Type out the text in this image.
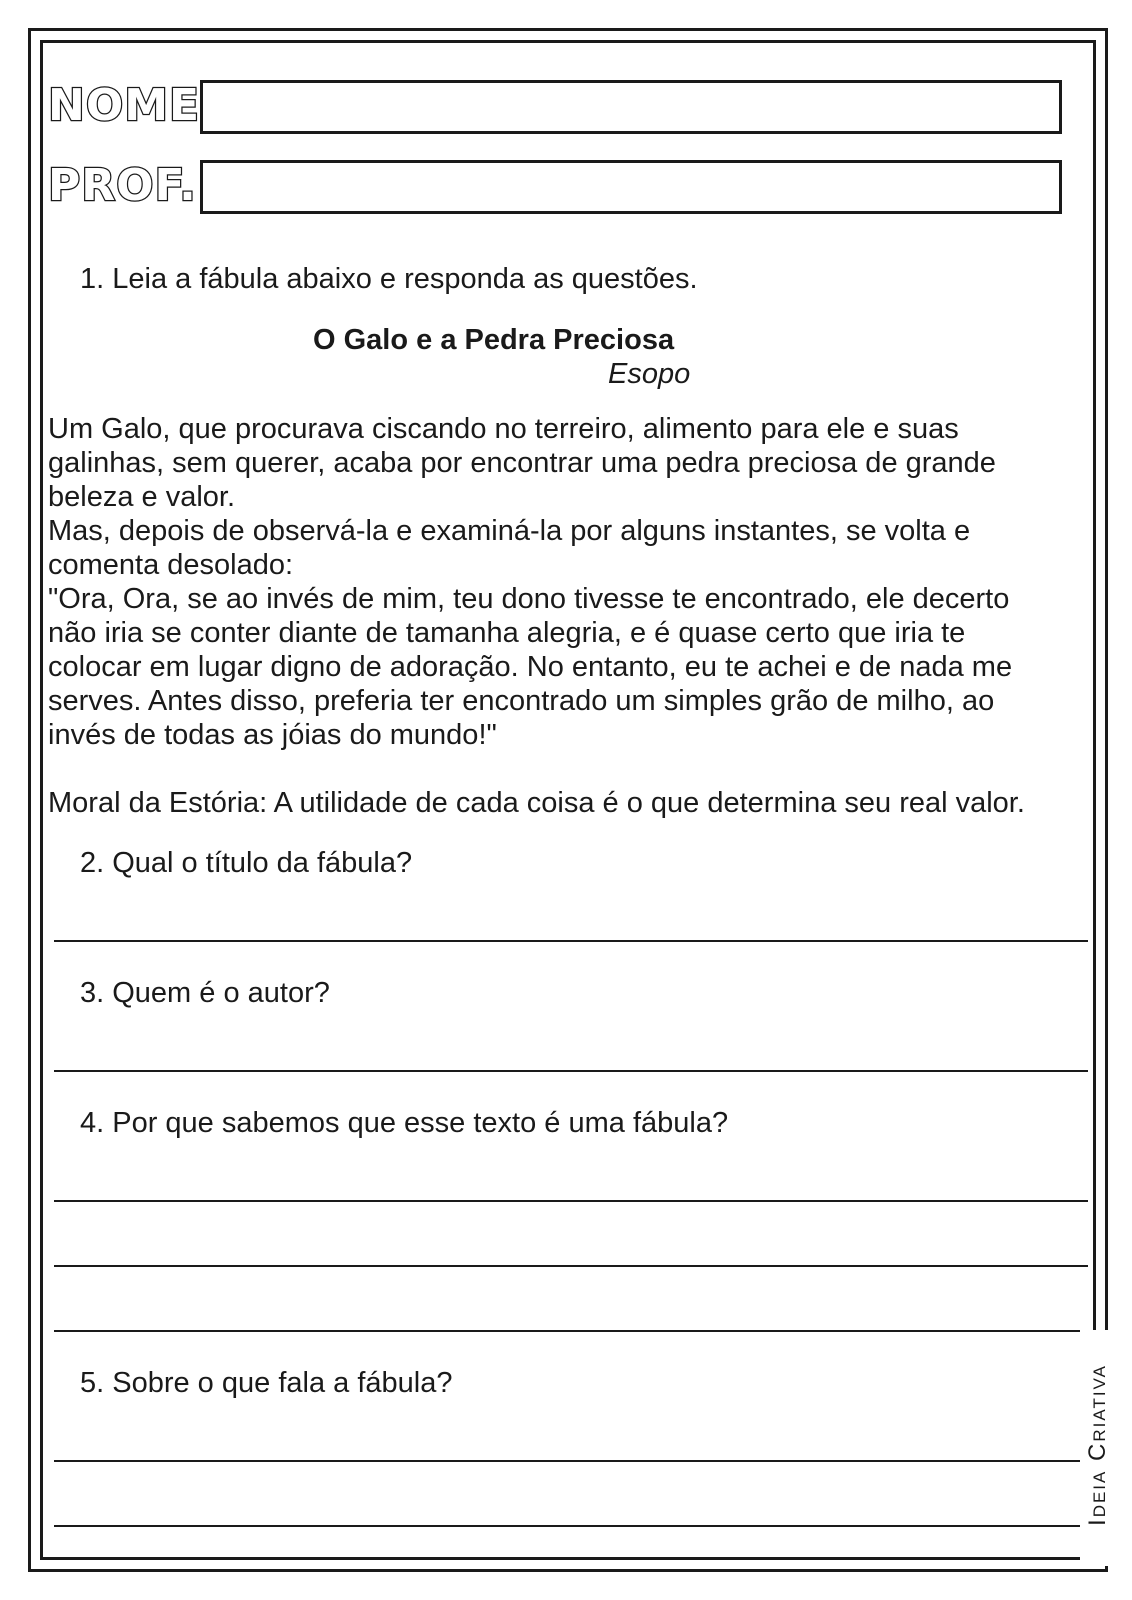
NOME
PROF.
1. Leia a fábula abaixo e responda as questões.
O Galo e a Pedra Preciosa
Esopo
Um Galo, que procurava ciscando no terreiro, alimento para ele e suas
galinhas, sem querer, acaba por encontrar uma pedra preciosa de grande
beleza e valor.
Mas, depois de observá-la e examiná-la por alguns instantes, se volta e
comenta desolado:
"Ora, Ora, se ao invés de mim, teu dono tivesse te encontrado, ele decerto
não iria se conter diante de tamanha alegria, e é quase certo que iria te
colocar em lugar digno de adoração. No entanto, eu te achei e de nada me
serves. Antes disso, preferia ter encontrado um simples grão de milho, ao
invés de todas as jóias do mundo!"
Moral da Estória: A utilidade de cada coisa é o que determina seu real valor.
2. Qual o título da fábula?
3. Quem é o autor?
4. Por que sabemos que esse texto é uma fábula?
5. Sobre o que fala a fábula?	Ideia Criativa
